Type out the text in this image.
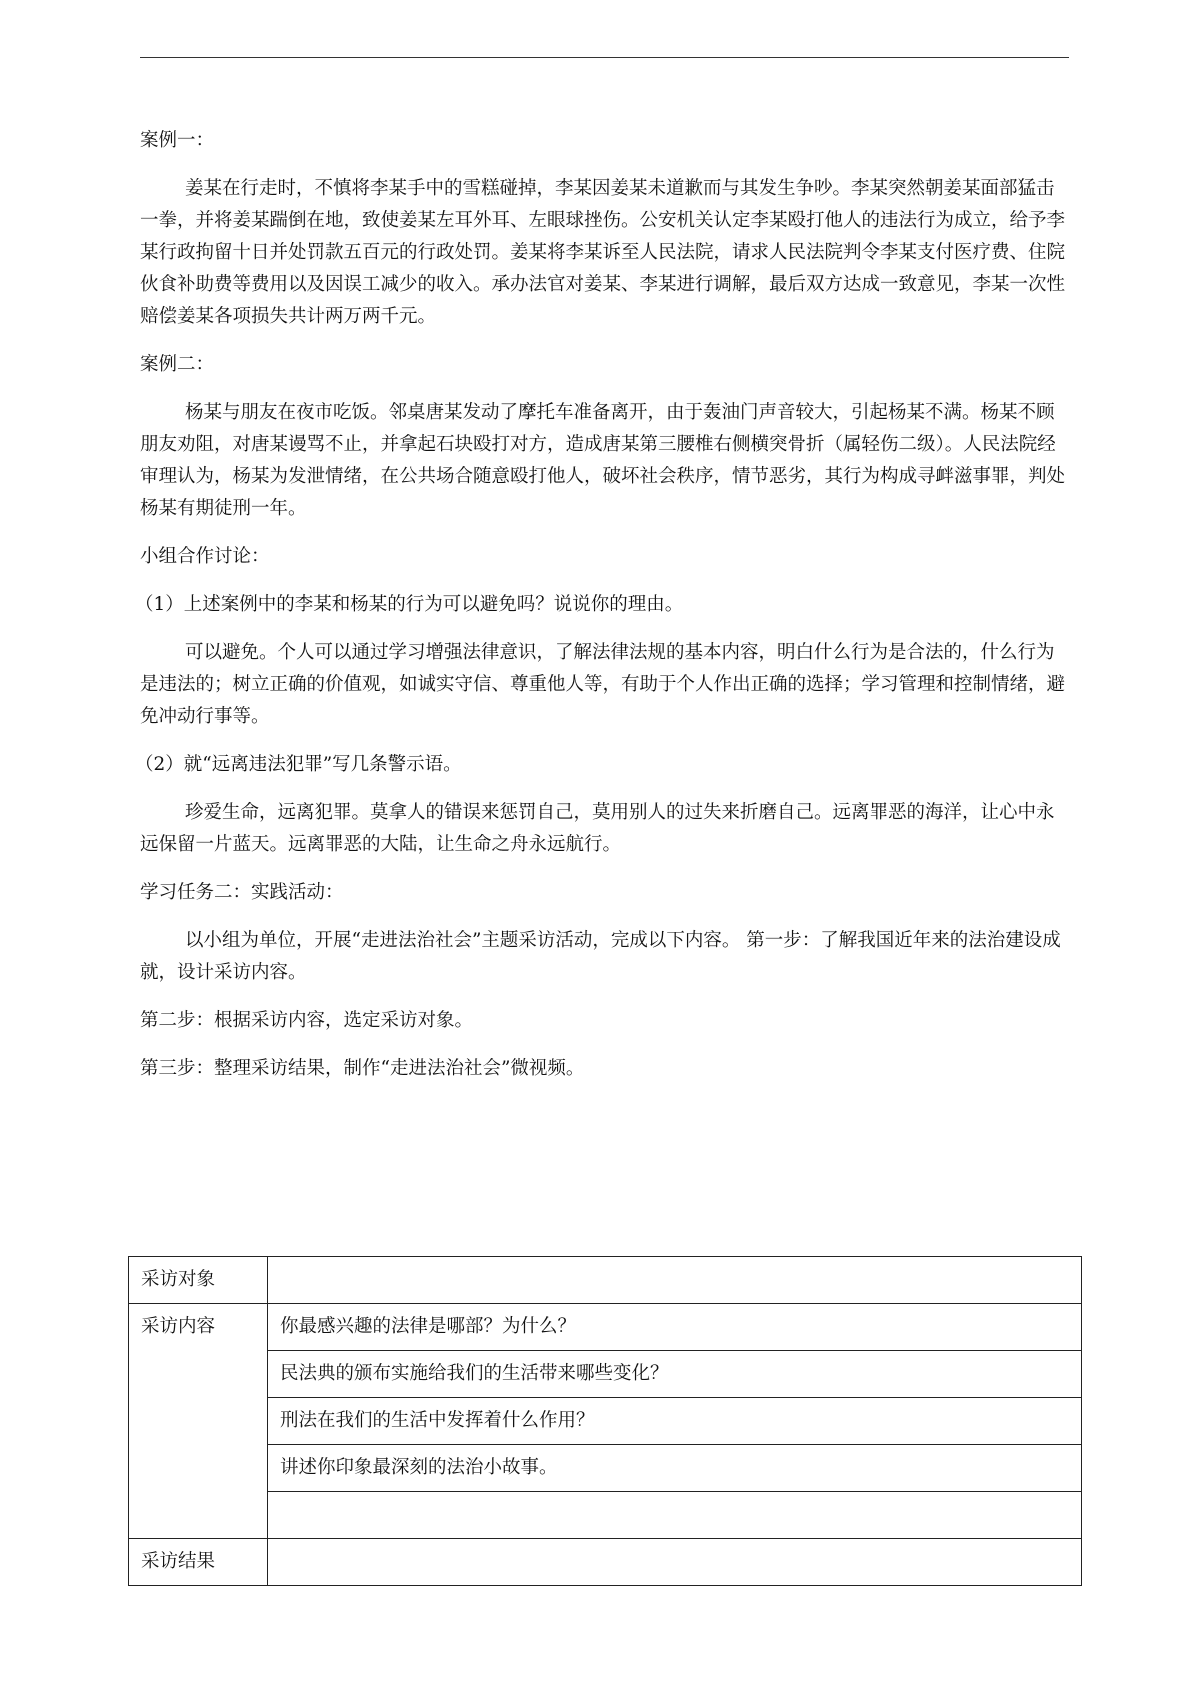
案例一：

姜某在行走时，不慎将李某手中的雪糕碰掉，李某因姜某未道歉而与其发生争吵。李某突然朝姜某面部猛击一拳，并将姜某踹倒在地，致使姜某左耳外耳、左眼球挫伤。公安机关认定李某殴打他人的违法行为成立，给予李某行政拘留十日并处罚款五百元的行政处罚。姜某将李某诉至人民法院，请求人民法院判令李某支付医疗费、住院伙食补助费等费用以及因误工减少的收入。承办法官对姜某、李某进行调解，最后双方达成一致意见，李某一次性赔偿姜某各项损失共计两万两千元。

案例二：

杨某与朋友在夜市吃饭。邻桌唐某发动了摩托车准备离开，由于轰油门声音较大，引起杨某不满。杨某不顾朋友劝阻，对唐某谩骂不止，并拿起石块殴打对方，造成唐某第三腰椎右侧横突骨折（属轻伤二级）。人民法院经审理认为，杨某为发泄情绪，在公共场合随意殴打他人，破坏社会秩序，情节恶劣，其行为构成寻衅滋事罪，判处杨某有期徒刑一年。

小组合作讨论：

（1）上述案例中的李某和杨某的行为可以避免吗？说说你的理由。

可以避免。个人可以通过学习增强法律意识，了解法律法规的基本内容，明白什么行为是合法的，什么行为是违法的；树立正确的价值观，如诚实守信、尊重他人等，有助于个人作出正确的选择；学习管理和控制情绪，避免冲动行事等。

（2）就“远离违法犯罪”写几条警示语。

珍爱生命，远离犯罪。莫拿人的错误来惩罚自己，莫用别人的过失来折磨自己。远离罪恶的海洋，让心中永远保留一片蓝天。远离罪恶的大陆，让生命之舟永远航行。

学习任务二：实践活动：

以小组为单位，开展“走进法治社会”主题采访活动，完成以下内容。 第一步：了解我国近年来的法治建设成就，设计采访内容。

第二步：根据采访内容，选定采访对象。

第三步：整理采访结果，制作“走进法治社会”微视频。

采访对象	
采访内容	你最感兴趣的法律是哪部？为什么？
	民法典的颁布实施给我们的生活带来哪些变化？
	刑法在我们的生活中发挥着什么作用？
	讲述你印象最深刻的法治小故事。

采访结果	
